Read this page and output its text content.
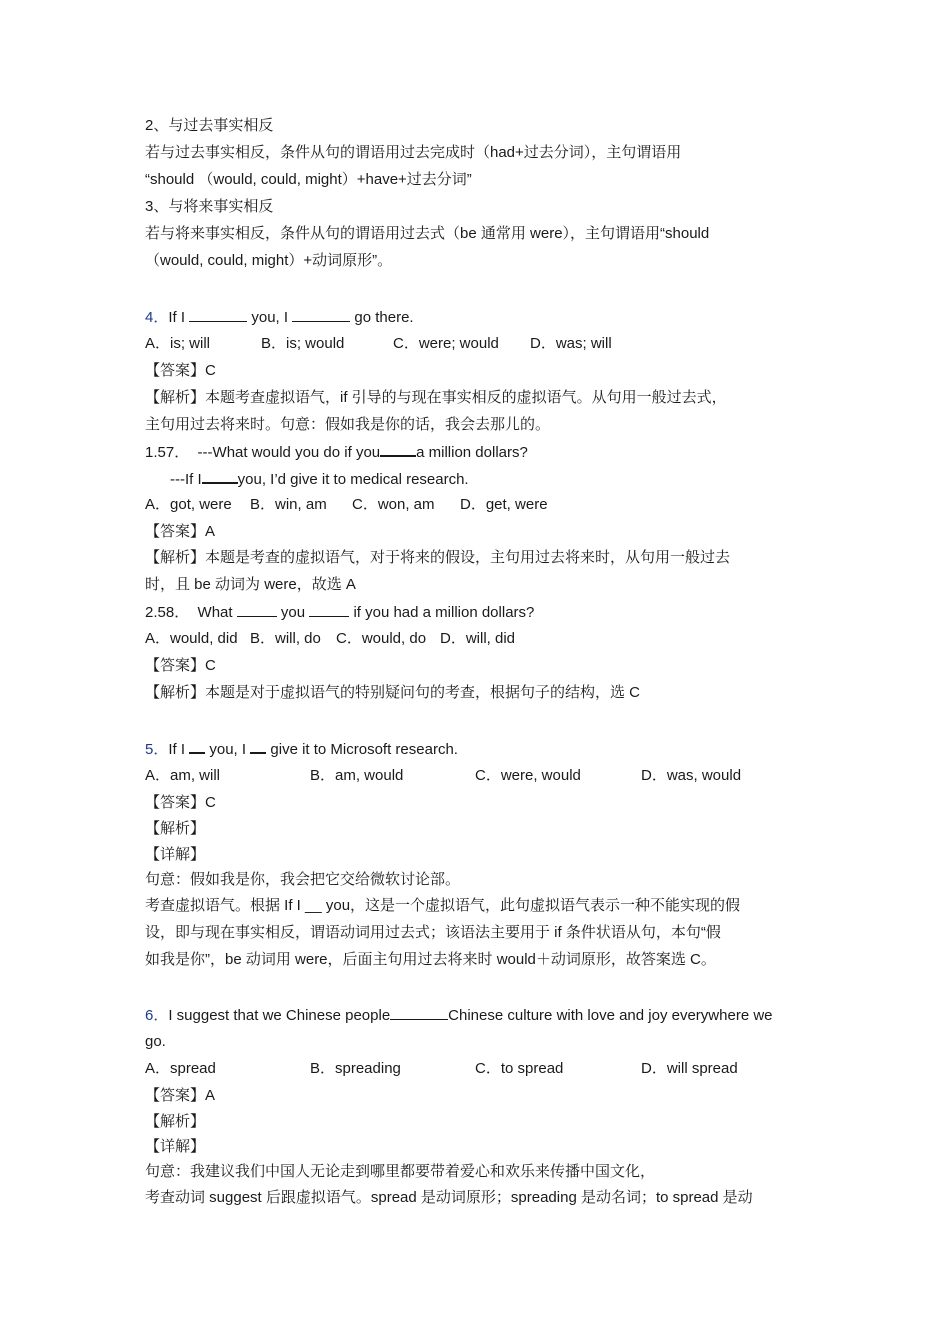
2、与过去事实相反
若与过去事实相反，条件从句的谓语用过去完成时（had+过去分词），主句谓语用
“should （would, could, might）+have+过去分词”
3、与将来事实相反
若与将来事实相反，条件从句的谓语用过去式（be 通常用 were），主句谓语用“should
（would, could, might）+动词原形”。
4．If I	you, I	go there.
A．is; will	B．is; would	C．were; would D．was; will
【答案】C
【解析】本题考查虚拟语气，if 引导的与现在事实相反的虚拟语气。从句用一般过去式，
主句用过去将来时。句意：假如我是你的话，我会去那儿的。
1.57． ---What would you do if you a million dollars?
---If I you, I’d give it to medical research.
A．got, were B．win, am C．won, am D．get, were
【答案】A
【解析】本题是考查的虚拟语气，对于将来的假设，主句用过去将来时，从句用一般过去
时，且 be 动词为 were，故选 A
2.58． What	you	if you had a million dollars?
A．would, did B．will, do C．would, do D．will, did
【答案】C
【解析】本题是对于虚拟语气的特别疑问句的考查，根据句子的结构，选 C
5．If I you, I give it to Microsoft research.
A．am, will	B．am, would	C．were, would	D．was, would
【答案】C
【解析】
【详解】
句意：假如我是你，我会把它交给微软讨论部。
考查虚拟语气。根据 If I __ you，这是一个虚拟语气，此句虚拟语气表示一种不能实现的假
设，即与现在事实相反，谓语动词用过去式；该语法主要用于 if 条件状语从句，本句“假
如我是你”，be 动词用 were，后面主句用过去将来时 would＋动词原形，故答案选 C。
6．I suggest that we Chinese people	Chinese culture with love and joy everywhere we
go.
A．spread	B．spreading	C．to spread	D．will spread
【答案】A
【解析】
【详解】
句意：我建议我们中国人无论走到哪里都要带着爱心和欢乐来传播中国文化，
考查动词 suggest 后跟虚拟语气。spread 是动词原形；spreading 是动名词；to spread 是动
